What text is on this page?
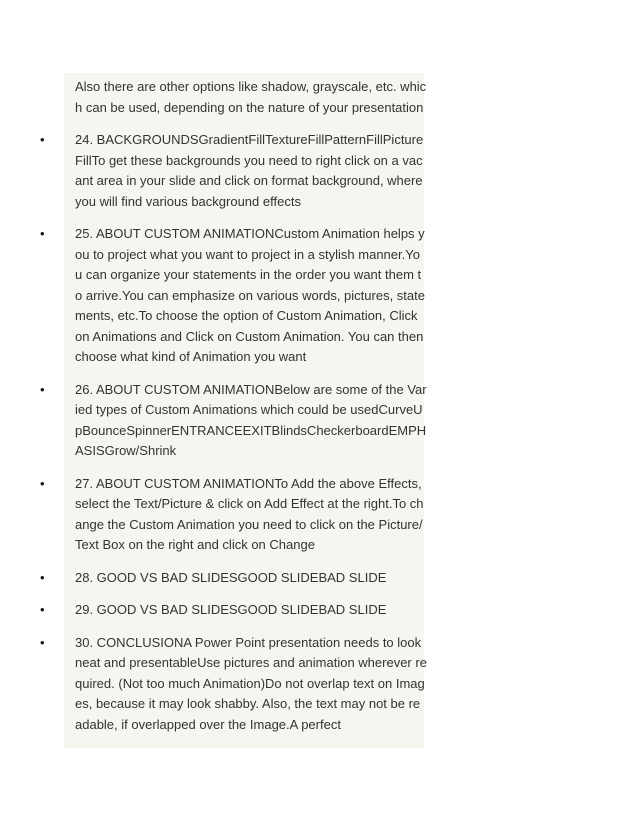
Also there are other options like shadow, grayscale, etc. which can be used, depending on the nature of your presentation
• 24. BACKGROUNDSGradientFillTextureFillPatternFillPictureFillTo get these backgrounds you need to right click on a vacant area in your slide and click on format background, where you will find various background effects
• 25. ABOUT CUSTOM ANIMATIONCustom Animation helps you to project what you want to project in a stylish manner.You can organize your statements in the order you want them to arrive.You can emphasize on various words, pictures, statements, etc.To choose the option of Custom Animation, Click on Animations and Click on Custom Animation. You can then choose what kind of Animation you want
• 26. ABOUT CUSTOM ANIMATIONBelow are some of the Varied types of Custom Animations which could be usedCurveUpBounceSpinnerENTRANCEEXITBlindsCheckerboardEMPHASISGrow/Shrink
• 27. ABOUT CUSTOM ANIMATIONTo Add the above Effects, select the Text/Picture & click on Add Effect at the right.To change the Custom Animation you need to click on the Picture/Text Box on the right and click on Change
• 28. GOOD VS BAD SLIDESGOOD SLIDEBAD SLIDE
• 29. GOOD VS BAD SLIDESGOOD SLIDEBAD SLIDE
• 30. CONCLUSIONA Power Point presentation needs to look neat and presentableUse pictures and animation wherever required. (Not too much Animation)Do not overlap text on Images, because it may look shabby. Also, the text may not be readable, if overlapped over the Image.A perfect
